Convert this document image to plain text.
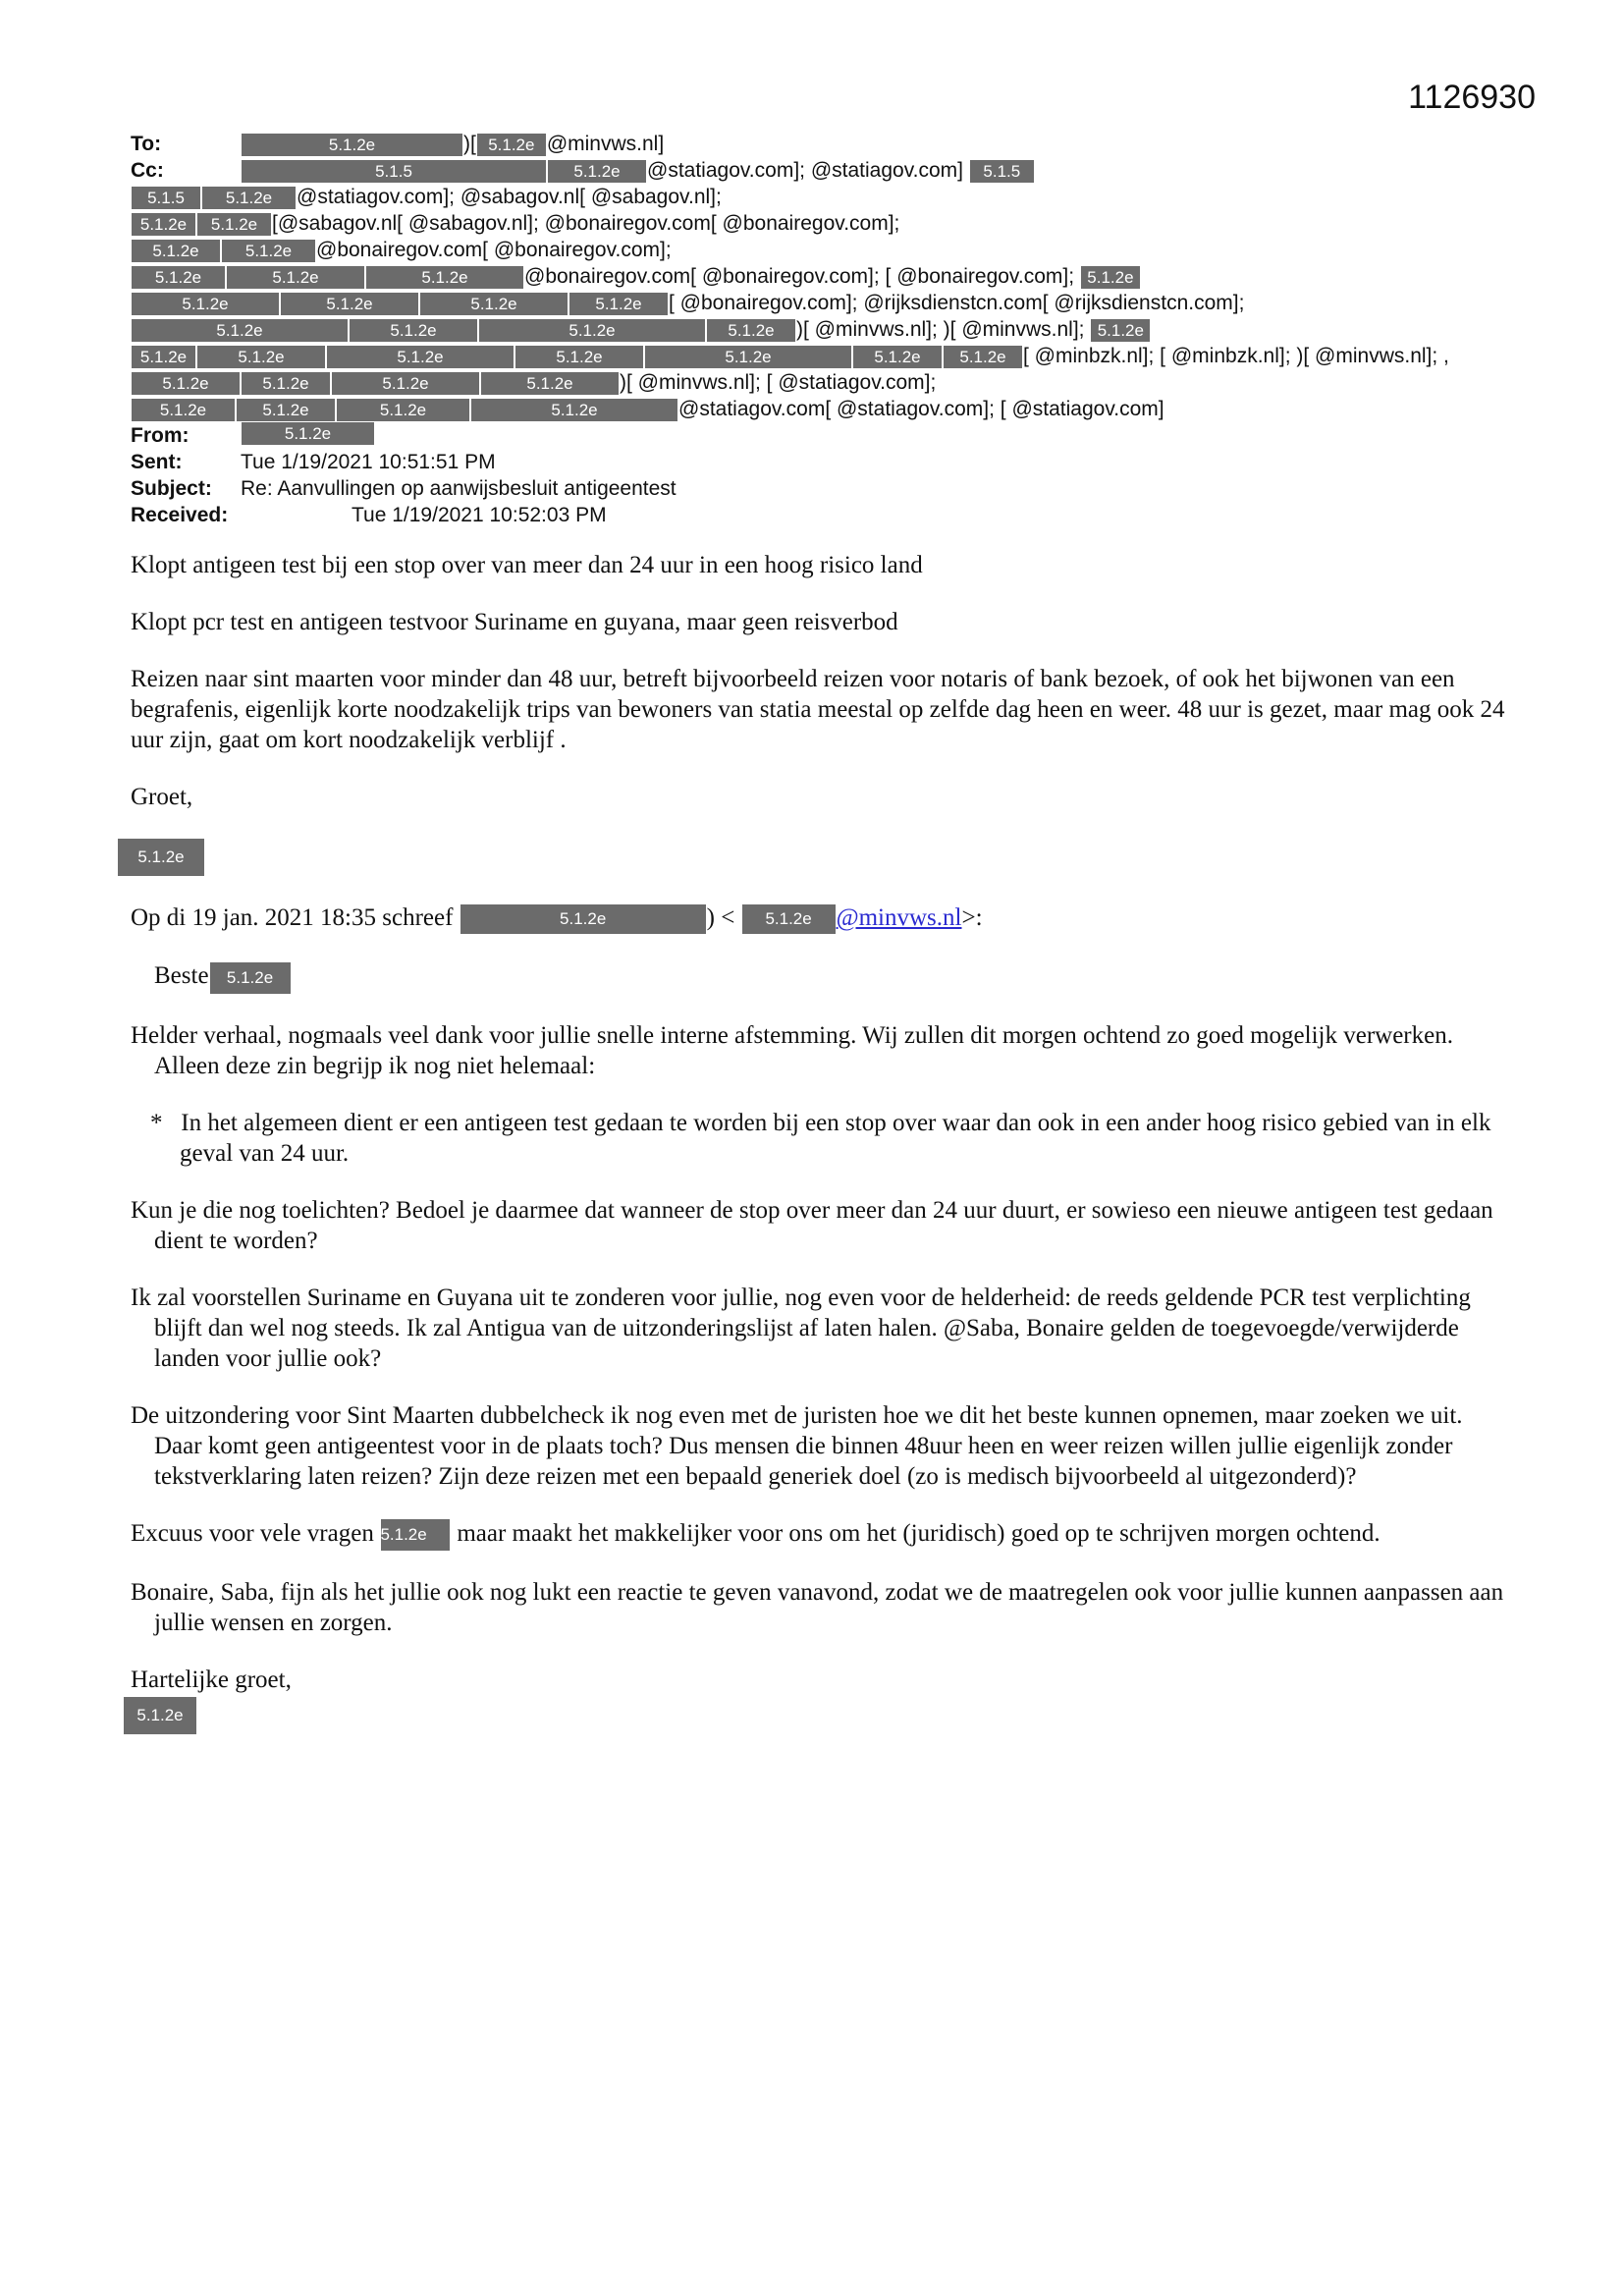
1126930
To:	5.1.2e	)[ 5.1.2e @minvws.nl]
Cc:	5.1.5	5.1.2e @statiagov.com]; @statiagov.com] 5.1.5
5.1.5 5.1.2e @statiagov.com]; @sabagov.nl[ @sabagov.nl];
5.1.2e 5.1.2e [@sabagov.nl[ @sabagov.nl]; @bonairegov.com[ @bonairegov.com];
5.1.2e	5.1.2e @bonairegov.com[ @bonairegov.com];
5.1.2e	5.1.2e	5.1.2e	@bonairegov.com[ @bonairegov.com]; [ @bonairegov.com]; 5.1.2e
5.1.2e	5.1.2e	5.1.2e	5.1.2e [ @bonairegov.com]; @rijksdienstcn.com[ @rijksdienstcn.com];
5.1.2e	5.1.2e	5.1.2e	5.1.2e )[ @minvws.nl]; )[ @minvws.nl]; 5.1.2e
5.1.2e	5.1.2e	5.1.2e	5.1.2e	5.1.2e	5.1.2e 5.1.2e [ @minbzk.nl]; [ @minbzk.nl]; )[ @minvws.nl]; ,
5.1.2e	5.1.2e	5.1.2e	5.1.2e )[ @minvws.nl]; [ @statiagov.com];
5.1.2e	5.1.2e	5.1.2e	5.1.2e	@statiagov.com[ @statiagov.com]; [ @statiagov.com]
From:	5.1.2e
Sent:	Tue 1/19/2021 10:51:51 PM
Subject:	Re: Aanvullingen op aanwijsbesluit antigeentest
Received:	Tue 1/19/2021 10:52:03 PM
Klopt antigeen test bij een stop over van meer dan 24 uur in een hoog risico land
Klopt pcr test en antigeen testvoor Suriname en guyana, maar geen reisverbod
Reizen naar sint maarten voor minder dan 48 uur, betreft bijvoorbeeld reizen voor notaris of bank bezoek, of ook het bijwonen van een begrafenis, eigenlijk korte noodzakelijk trips van bewoners van statia meestal op zelfde dag heen en weer. 48 uur is gezet, maar mag ook 24 uur zijn, gaat om kort noodzakelijk verblijf .
Groet,
5.1.2e
Op di 19 jan. 2021 18:35 schreef	5.1.2e	) < 5.1.2e @minvws.nl>:
Beste 5.1.2e
Helder verhaal, nogmaals veel dank voor jullie snelle interne afstemming. Wij zullen dit morgen ochtend zo goed mogelijk verwerken. Alleen deze zin begrijp ik nog niet helemaal:
* In het algemeen dient er een antigeen test gedaan te worden bij een stop over waar dan ook in een ander hoog risico gebied van in elk geval van 24 uur.
Kun je die nog toelichten? Bedoel je daarmee dat wanneer de stop over meer dan 24 uur duurt, er sowieso een nieuwe antigeen test gedaan dient te worden?
Ik zal voorstellen Suriname en Guyana uit te zonderen voor jullie, nog even voor de helderheid: de reeds geldende PCR test verplichting blijft dan wel nog steeds. Ik zal Antigua van de uitzonderingslijst af laten halen. @Saba, Bonaire gelden de toegevoegde/verwijderde landen voor jullie ook?
De uitzondering voor Sint Maarten dubbelcheck ik nog even met de juristen hoe we dit het beste kunnen opnemen, maar zoeken we uit. Daar komt geen antigeentest voor in de plaats toch? Dus mensen die binnen 48uur heen en weer reizen willen jullie eigenlijk zonder tekstverklaring laten reizen? Zijn deze reizen met een bepaald generiek doel (zo is medisch bijvoorbeeld al uitgezonderd)?
Excuus voor vele vragen 5.1.2e maar maakt het makkelijker voor ons om het (juridisch) goed op te schrijven morgen ochtend.
Bonaire, Saba, fijn als het jullie ook nog lukt een reactie te geven vanavond, zodat we de maatregelen ook voor jullie kunnen aanpassen aan jullie wensen en zorgen.
Hartelijke groet,
5.1.2e
